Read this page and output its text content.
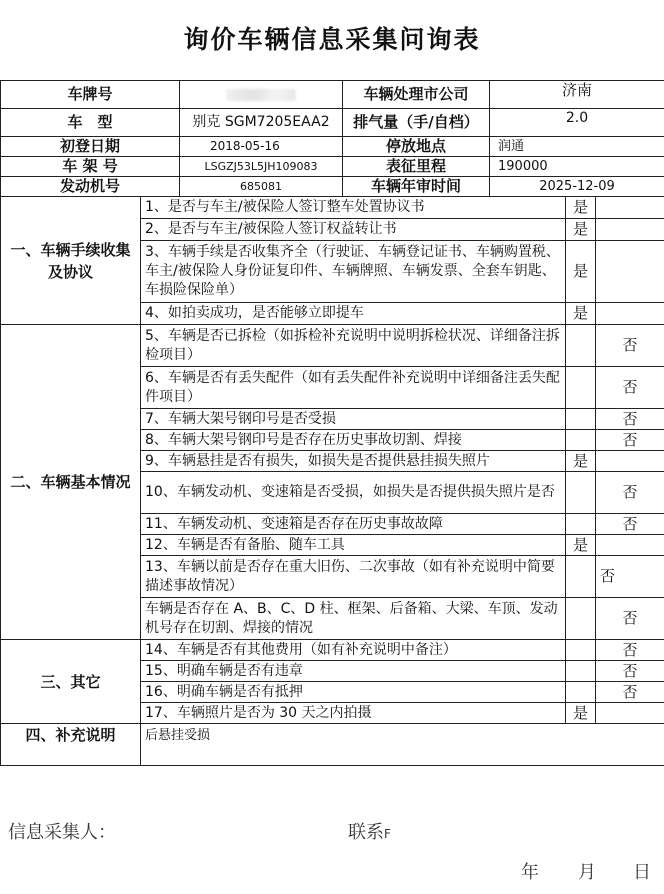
询价车辆信息采集问询表
车牌号			车辆处理市公司	济南		
车　型		别克 SGM7205EAA2	排气量（手/自档）	2.0		
初登日期		2018-05-16	停放地点	润通		
车 架 号		LSGZJ53L5JH109083	表征里程	190000		
发动机号		685081	车辆年审时间	2025-12-09		
一、车辆手续收集及协议	1、是否与车主/被保险人签订整车处置协议书				是	
	2、是否与车主/被保险人签订权益转让书				是	
	3、车辆手续是否收集齐全（行驶证、车辆登记证书、车辆购置税、车主/被保险人身份证复印件、车辆牌照、车辆发票、全套车钥匙、车损险保险单）				是	
	4、如拍卖成功，是否能够立即提车				是	
二、车辆基本情况	5、车辆是否已拆检（如拆检补充说明中说明拆检状况、详细备注拆检项目）					否
	6、车辆是否有丢失配件（如有丢失配件补充说明中详细备注丢失配件项目）					否
	7、车辆大架号钢印号是否受损					否
	8、车辆大架号钢印号是否存在历史事故切割、焊接					否
	9、车辆悬挂是否有损失，如损失是否提供悬挂损失照片				是	
	10、车辆发动机、变速箱是否受损，如损失是否提供损失照片是否					否
	11、车辆发动机、变速箱是否存在历史事故故障					否
	12、车辆是否有备胎、随车工具				是	
	13、车辆以前是否存在重大旧伤、二次事故（如有补充说明中简要描述事故情况）					否
	车辆是否存在 A、B、C、D 柱、框架、后备箱、大梁、车顶、发动机号存在切割、焊接的情况					否
三、其它	14、车辆是否有其他费用（如有补充说明中备注）					否
	15、明确车辆是否有违章					否
	16、明确车辆是否有抵押					否
	17、车辆照片是否为 30 天之内拍摄				是	
四、补充说明	后悬挂受损					
信息采集人：	联系F
年 月 日
